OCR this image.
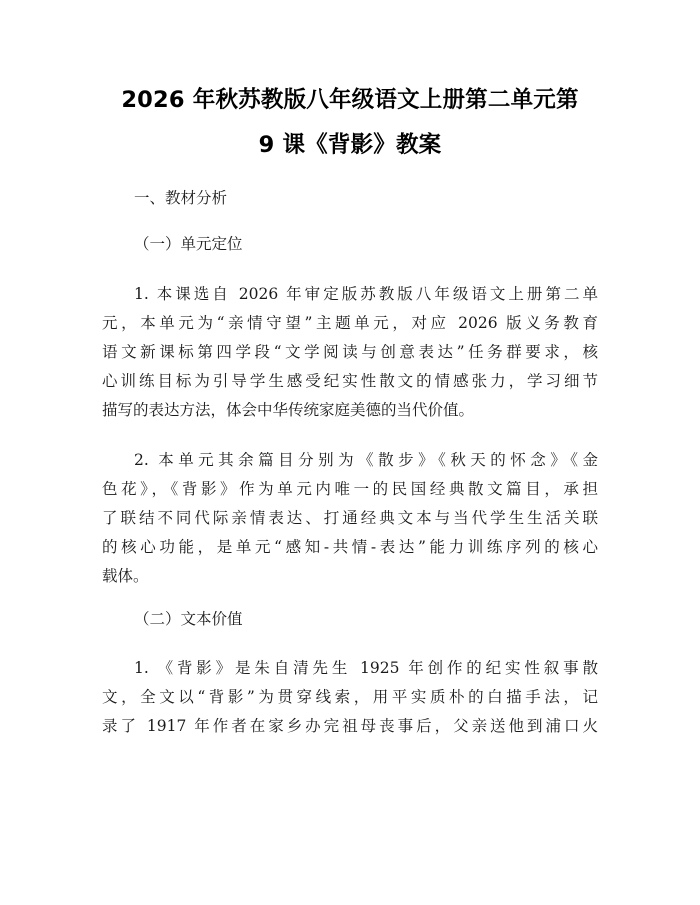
2026 年秋苏教版八年级语文上册第二单元第
9 课《背影》教案

一、教材分析

（一）单元定位

1. 本课选自 2026 年审定版苏教版八年级语文上册第二单
元，本单元为“亲情守望”主题单元，对应 2026 版义务教育
语文新课标第四学段“文学阅读与创意表达”任务群要求，核
心训练目标为引导学生感受纪实性散文的情感张力，学习细节
描写的表达方法，体会中华传统家庭美德的当代价值。
2. 本单元其余篇目分别为《散步》《秋天的怀念》《金
色花》，《背影》作为单元内唯一的民国经典散文篇目，承担
了联结不同代际亲情表达、打通经典文本与当代学生生活关联
的核心功能，是单元“感知-共情-表达”能力训练序列的核心
载体。

（二）文本价值

1. 《背影》是朱自清先生 1925 年创作的纪实性叙事散
文，全文以“背影”为贯穿线索，用平实质朴的白描手法，记
录了 1917 年作者在家乡办完祖母丧事后，父亲送他到浦口火
